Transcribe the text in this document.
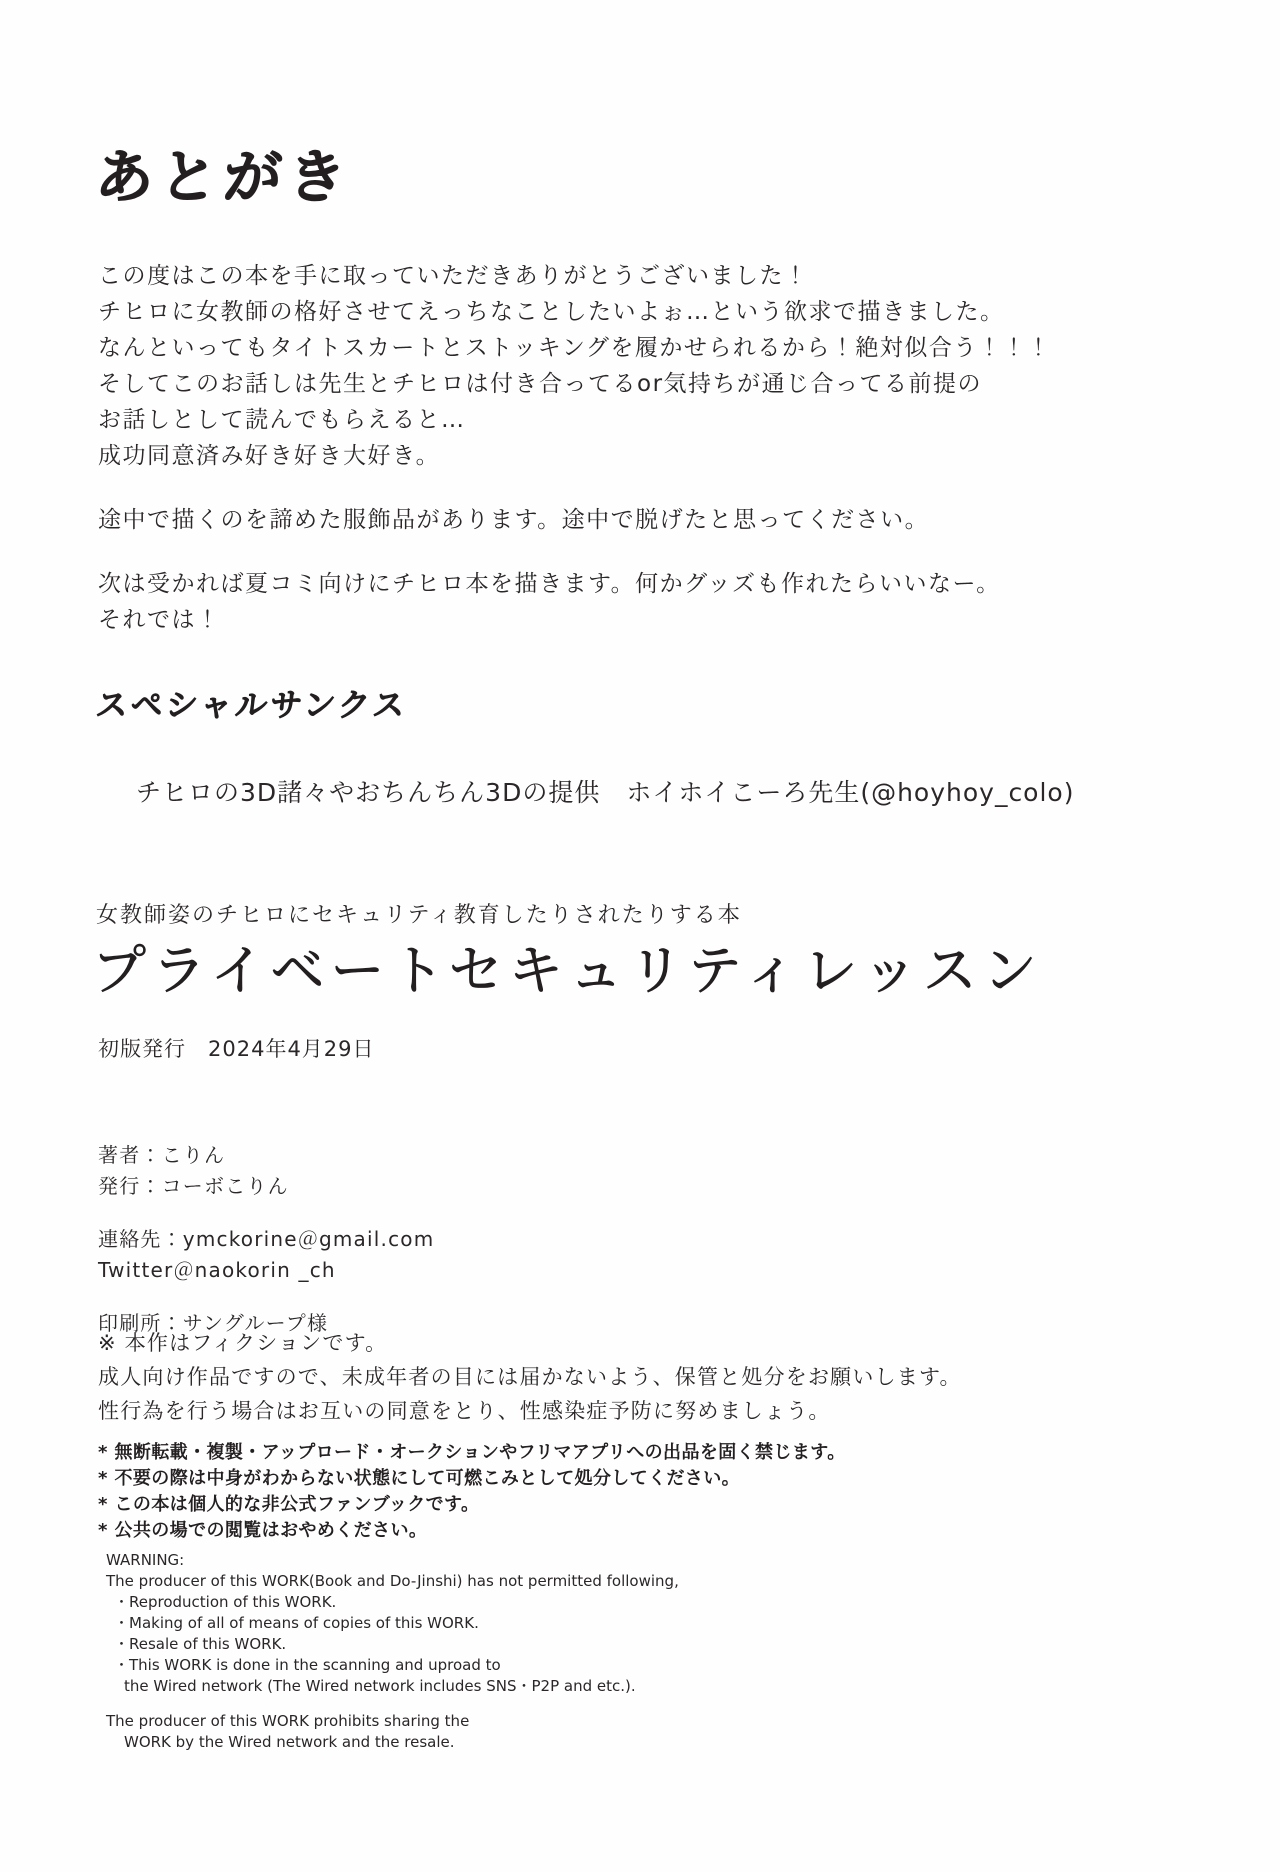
あとがき

この度はこの本を手に取っていただきありがとうございました！

チヒロに女教師の格好させてえっちなことしたいよぉ…という欲求で描きました。

なんといってもタイトスカートとストッキングを履かせられるから！絶対似合う！！！

そしてこのお話しは先生とチヒロは付き合ってるor気持ちが通じ合ってる前提の

お話しとして読んでもらえると…

成功同意済み好き好き大好き。

途中で描くのを諦めた服飾品があります。途中で脱げたと思ってください。

次は受かれば夏コミ向けにチヒロ本を描きます。何かグッズも作れたらいいなー。

それでは！

スペシャルサンクス
チヒロの3D諸々やおちんちん3Dの提供　ホイホイこーろ先生(@hoyhoy_colo)
女教師姿のチヒロにセキュリティ教育したりされたりする本
プライベートセキュリティレッスン
初版発行　2024年4月29日

著者：こりん

発行：コーボこりん

連絡先：ymckorine＠gmail.com

Twitter＠naokorin _ch

印刷所：サングループ様

※ 本作はフィクションです。

成人向け作品ですので、未成年者の目には届かないよう、保管と処分をお願いします。

性行為を行う場合はお互いの同意をとり、性感染症予防に努めましょう。

* 無断転載・複製・アップロード・オークションやフリマアプリへの出品を固く禁じます。

* 不要の際は中身がわからない状態にして可燃こみとして処分してください。

* この本は個人的な非公式ファンブックです。

* 公共の場での閲覧はおやめください。

WARNING:

The producer of this WORK(Book and Do-Jinshi) has not permitted following,

・Reproduction of this WORK.

・Making of all of means of copies of this WORK.

・Resale of this WORK.

・This WORK is done in the scanning and uproad to

the Wired network (The Wired network includes SNS・P2P and etc.).

The producer of this WORK prohibits sharing the

WORK by the Wired network and the resale.
